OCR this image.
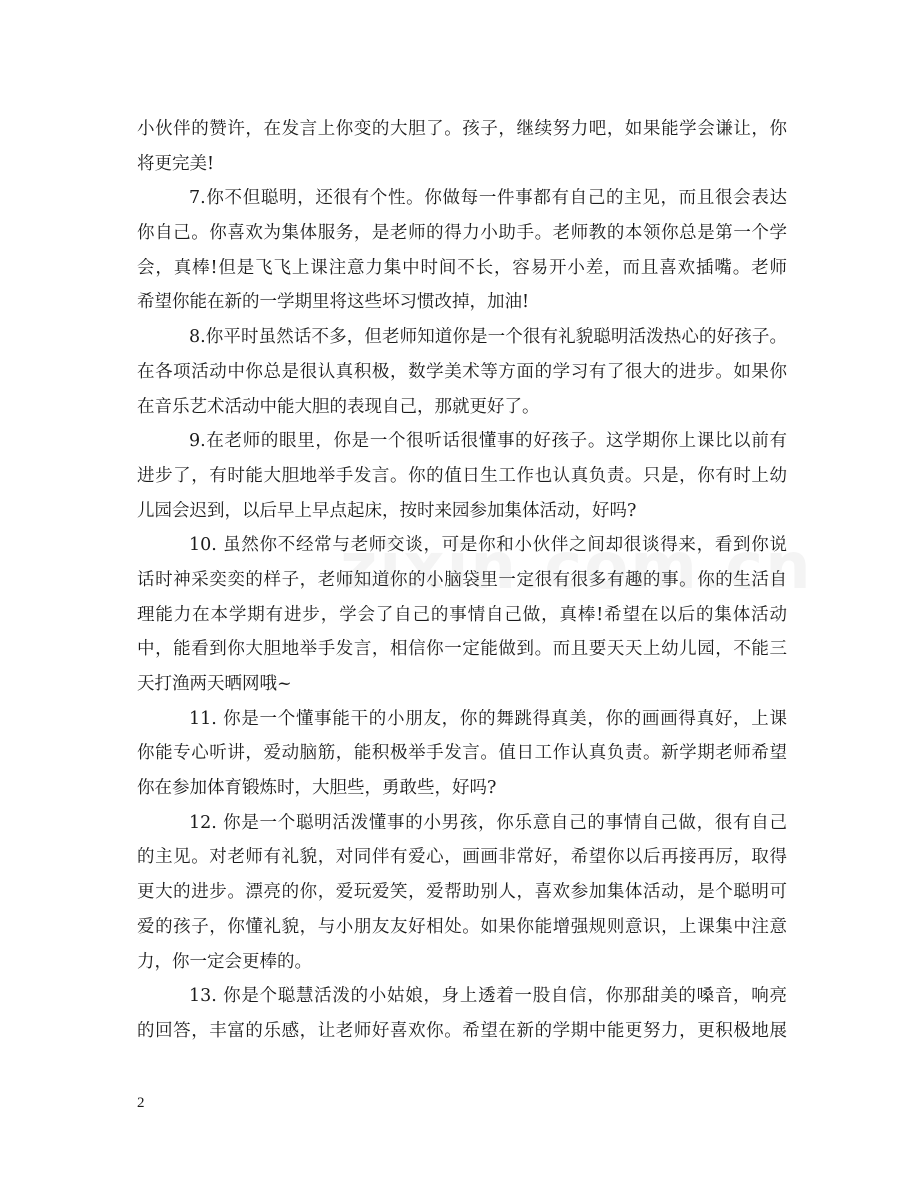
小伙伴的赞许，在发言上你变的大胆了。孩子，继续努力吧，如果能学会谦让，你
将更完美!
7.你不但聪明，还很有个性。你做每一件事都有自己的主见，而且很会表达
你自己。你喜欢为集体服务，是老师的得力小助手。老师教的本领你总是第一个学
会，真棒!但是飞飞上课注意力集中时间不长，容易开小差，而且喜欢插嘴。老师
希望你能在新的一学期里将这些坏习惯改掉，加油!
8.你平时虽然话不多，但老师知道你是一个很有礼貌聪明活泼热心的好孩子。
在各项活动中你总是很认真积极，数学美术等方面的学习有了很大的进步。如果你
在音乐艺术活动中能大胆的表现自己，那就更好了。
9.在老师的眼里，你是一个很听话很懂事的好孩子。这学期你上课比以前有
进步了，有时能大胆地举手发言。你的值日生工作也认真负责。只是，你有时上幼
儿园会迟到，以后早上早点起床，按时来园参加集体活动，好吗?
10. 虽然你不经常与老师交谈，可是你和小伙伴之间却很谈得来，看到你说
话时神采奕奕的样子，老师知道你的小脑袋里一定很有很多有趣的事。你的生活自
理能力在本学期有进步，学会了自己的事情自己做，真棒!希望在以后的集体活动
中，能看到你大胆地举手发言，相信你一定能做到。而且要天天上幼儿园，不能三
天打渔两天晒网哦~
11. 你是一个懂事能干的小朋友，你的舞跳得真美，你的画画得真好，上课
你能专心听讲，爱动脑筋，能积极举手发言。值日工作认真负责。新学期老师希望
你在参加体育锻炼时，大胆些，勇敢些，好吗?
12. 你是一个聪明活泼懂事的小男孩，你乐意自己的事情自己做，很有自己
的主见。对老师有礼貌，对同伴有爱心，画画非常好，希望你以后再接再厉，取得
更大的进步。漂亮的你，爱玩爱笑，爱帮助别人，喜欢参加集体活动，是个聪明可
爱的孩子，你懂礼貌，与小朋友友好相处。如果你能增强规则意识，上课集中注意
力，你一定会更棒的。
13. 你是个聪慧活泼的小姑娘，身上透着一股自信，你那甜美的嗓音，响亮
的回答，丰富的乐感，让老师好喜欢你。希望在新的学期中能更努力，更积极地展
2
